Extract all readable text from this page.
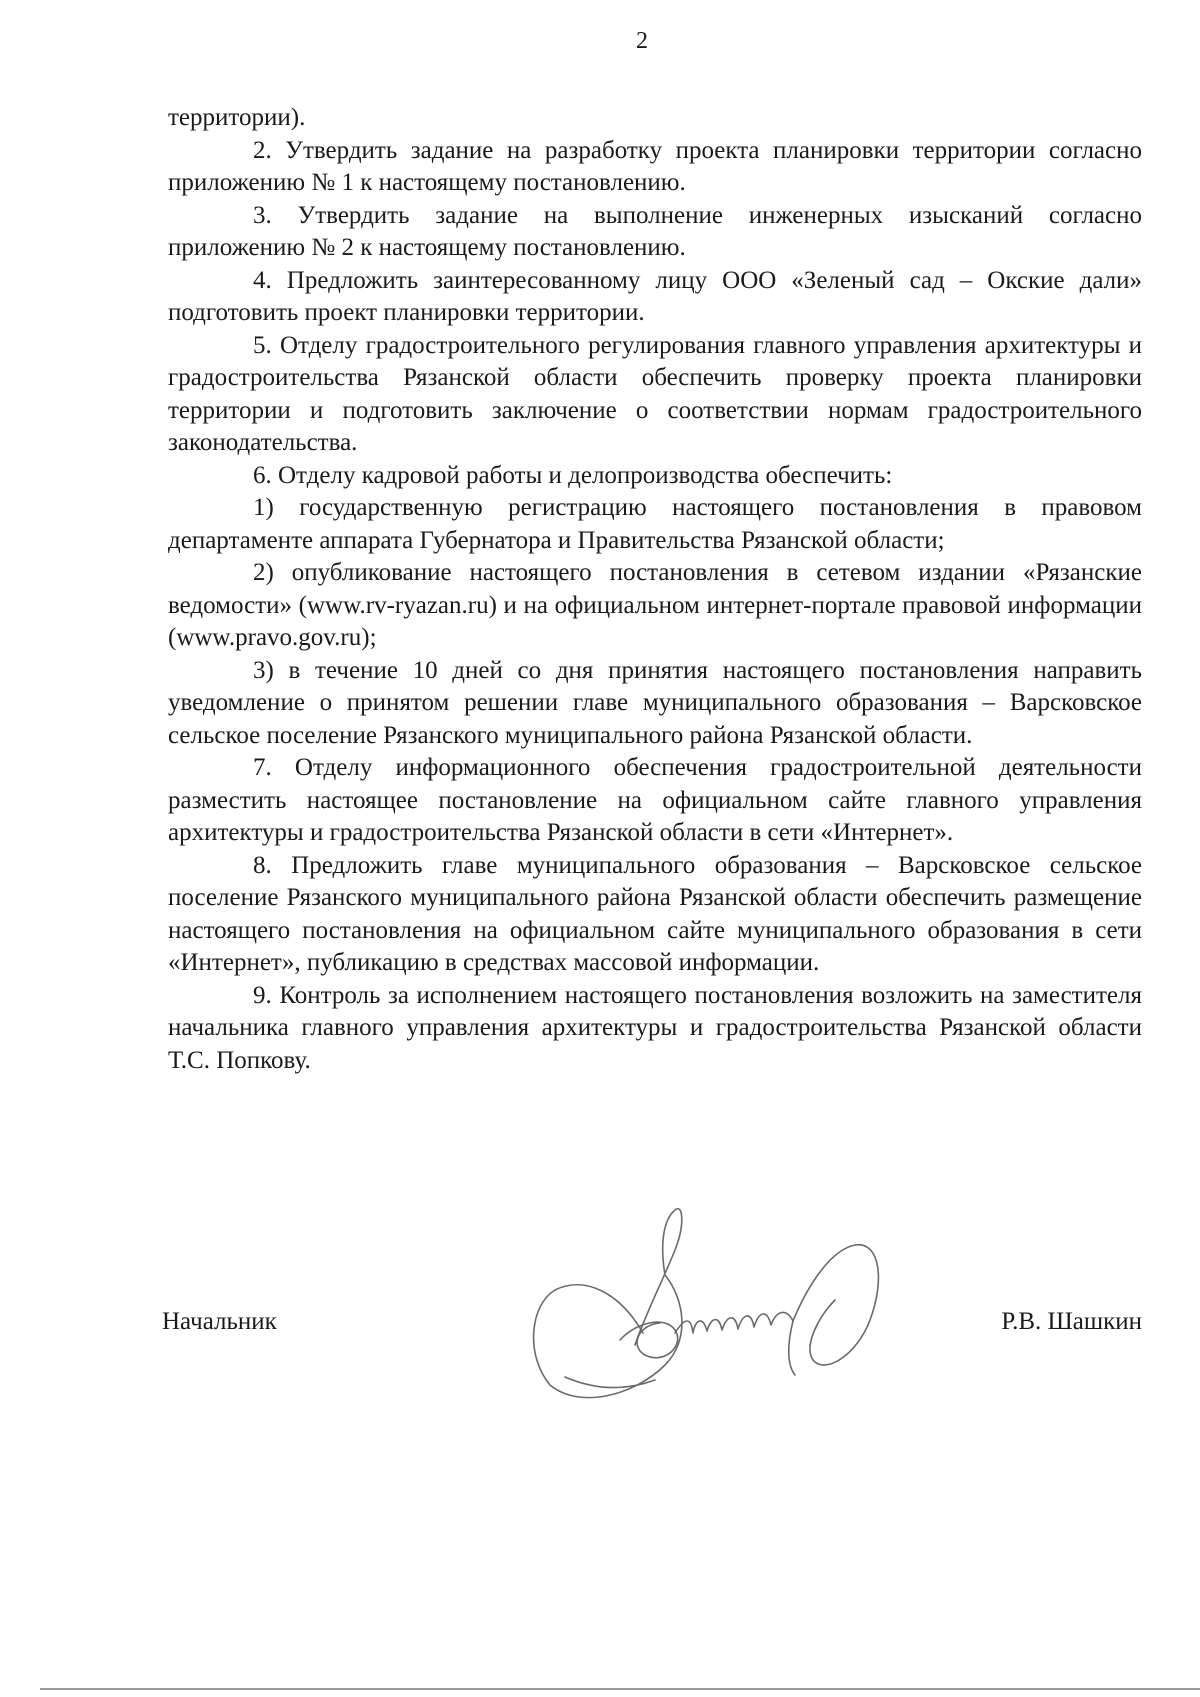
2

территории).

2. Утвердить задание на разработку проекта планировки территории согласно приложению № 1 к настоящему постановлению.

3. Утвердить задание на выполнение инженерных изысканий согласно приложению № 2 к настоящему постановлению.

4. Предложить заинтересованному лицу ООО «Зеленый сад – Окские дали» подготовить проект планировки территории.

5. Отделу градостроительного регулирования главного управления архитектуры и градостроительства Рязанской области обеспечить проверку проекта планировки территории и подготовить заключение о соответствии нормам градостроительного законодательства.

6. Отделу кадровой работы и делопроизводства обеспечить:

1) государственную регистрацию настоящего постановления в правовом департаменте аппарата Губернатора и Правительства Рязанской области;

2) опубликование настоящего постановления в сетевом издании «Рязанские ведомости» (www.rv-ryazan.ru) и на официальном интернет-портале правовой информации (www.pravo.gov.ru);

3) в течение 10 дней со дня принятия настоящего постановления направить уведомление о принятом решении главе муниципального образования – Варсковское сельское поселение Рязанского муниципального района Рязанской области.

7. Отделу информационного обеспечения градостроительной деятельности разместить настоящее постановление на официальном сайте главного управления архитектуры и градостроительства Рязанской области в сети «Интернет».

8. Предложить главе муниципального образования – Варсковское сельское поселение Рязанского муниципального района Рязанской области обеспечить размещение настоящего постановления на официальном сайте муниципального образования в сети «Интернет», публикацию в средствах массовой информации.

9. Контроль за исполнением настоящего постановления возложить на заместителя начальника главного управления архитектуры и градостроительства Рязанской области Т.С. Попкову.

Начальник	Р.В. Шашкин
